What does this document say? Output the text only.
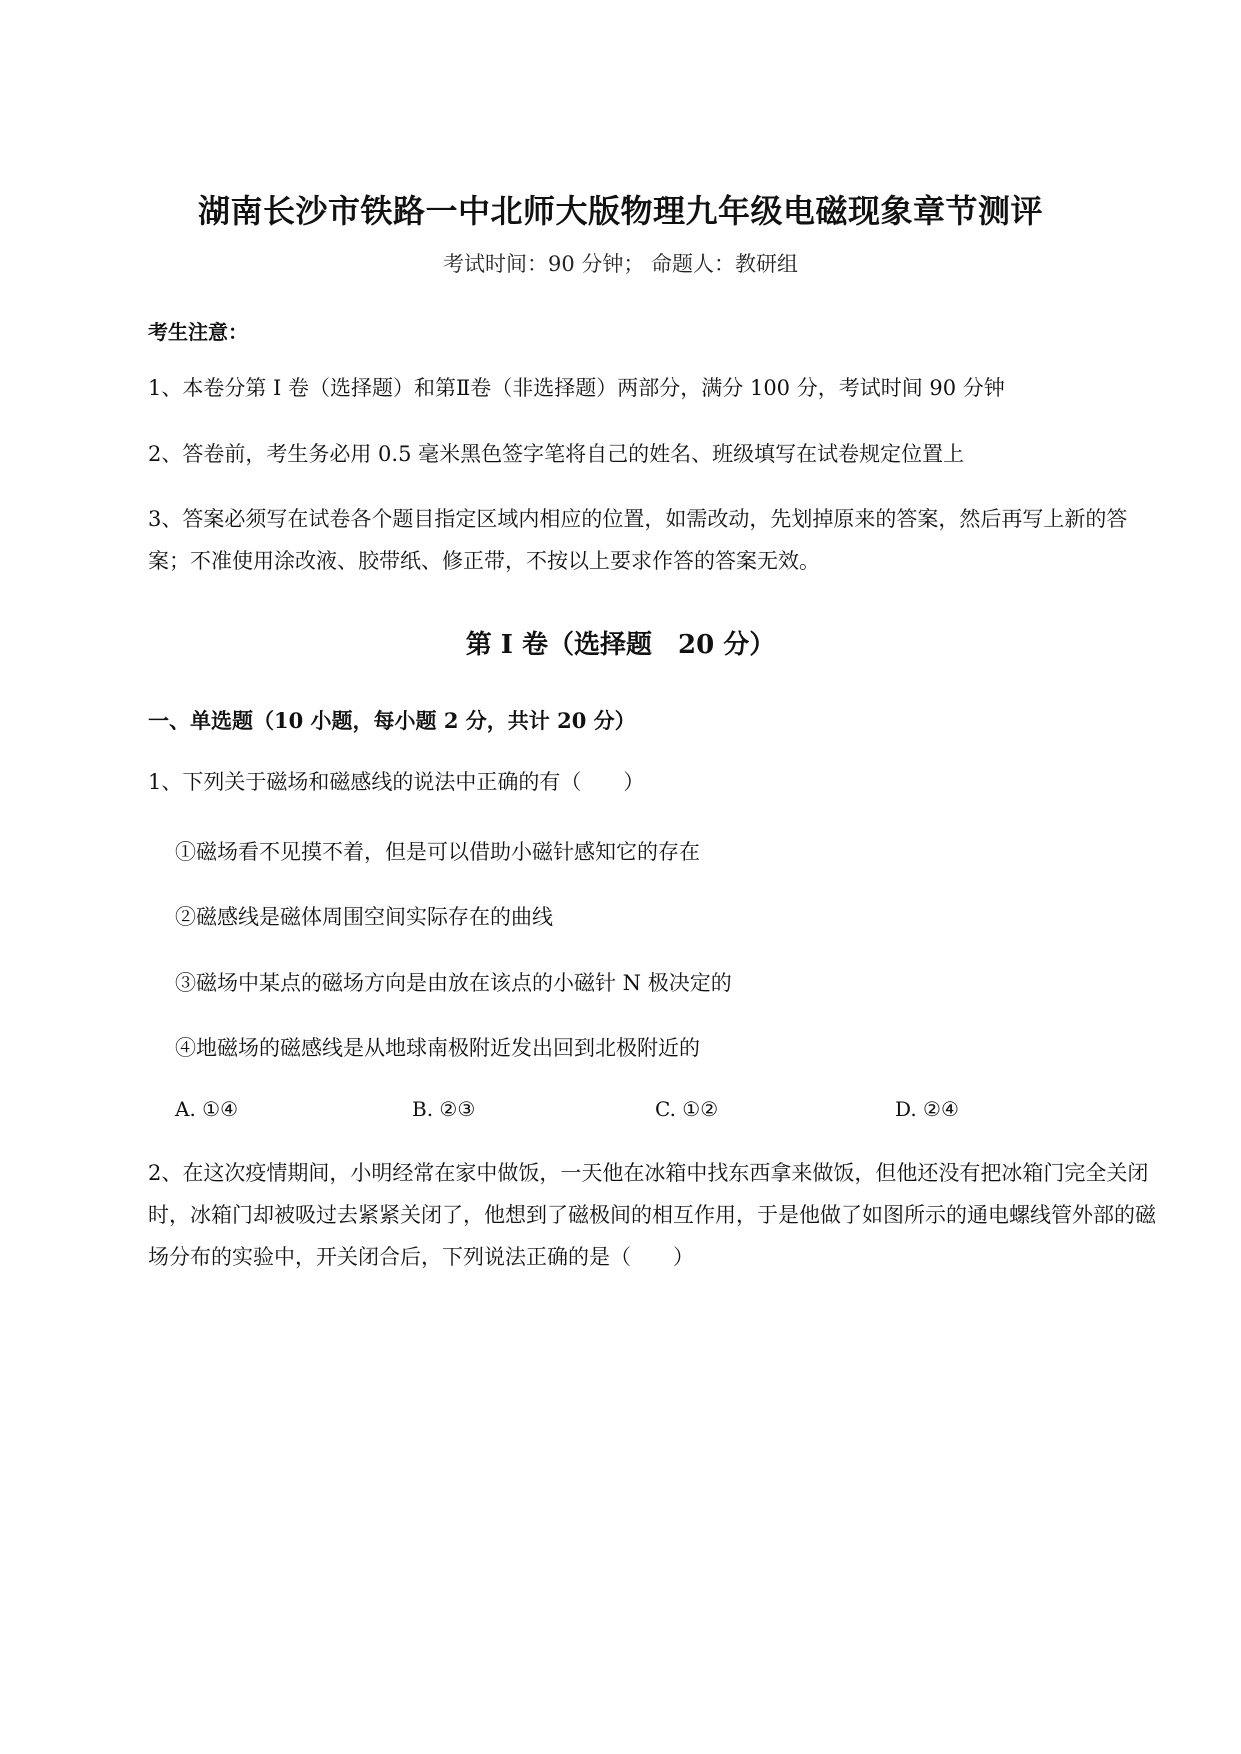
湖南长沙市铁路一中北师大版物理九年级电磁现象章节测评
考试时间：90 分钟； 命题人：教研组
考生注意：
1、本卷分第 I 卷（选择题）和第Ⅱ卷（非选择题）两部分，满分 100 分，考试时间 90 分钟
2、答卷前，考生务必用 0.5 毫米黑色签字笔将自己的姓名、班级填写在试卷规定位置上
3、答案必须写在试卷各个题目指定区域内相应的位置，如需改动，先划掉原来的答案，然后再写上新的答案；不准使用涂改液、胶带纸、修正带，不按以上要求作答的答案无效。
第 I 卷（选择题　20 分）
一、单选题（10 小题，每小题 2 分，共计 20 分）
1、下列关于磁场和磁感线的说法中正确的有（　　）
①磁场看不见摸不着，但是可以借助小磁针感知它的存在
②磁感线是磁体周围空间实际存在的曲线
③磁场中某点的磁场方向是由放在该点的小磁针 N 极决定的
④地磁场的磁感线是从地球南极附近发出回到北极附近的
A. ①④	B. ②③	C. ①②	D. ②④
2、在这次疫情期间，小明经常在家中做饭，一天他在冰箱中找东西拿来做饭，但他还没有把冰箱门完全关闭时，冰箱门却被吸过去紧紧关闭了，他想到了磁极间的相互作用，于是他做了如图所示的通电螺线管外部的磁场分布的实验中，开关闭合后，下列说法正确的是（　　）
